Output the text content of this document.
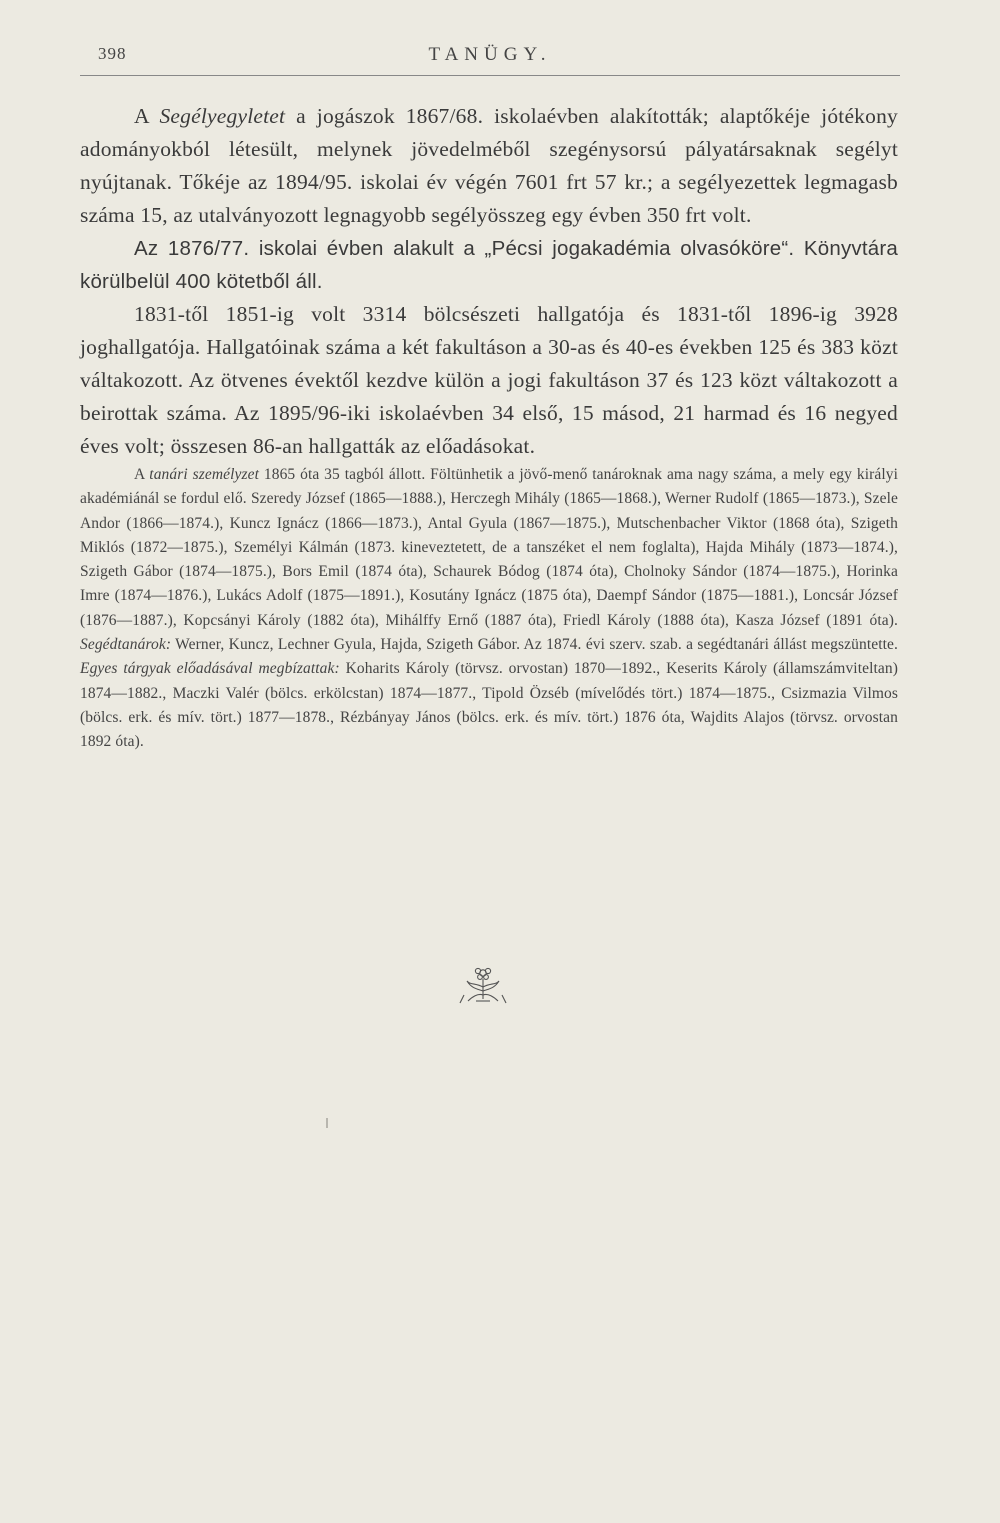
398	TANÜGY.

A Segélyegyletet a jogászok 1867/68. iskolaévben alakították; alaptőkéje jótékony adományokból létesült, melynek jövedelméből szegénysorsú pályatársaknak segélyt nyújtanak. Tőkéje az 1894/95. iskolai év végén 7601 frt 57 kr.; a segélyezettek legmagasb száma 15, az utalványozott legnagyobb segélyösszeg egy évben 350 frt volt.

Az 1876/77. iskolai évben alakult a „Pécsi jogakadémia olvasóköre“. Könyvtára körülbelül 400 kötetből áll.

1831-től 1851-ig volt 3314 bölcsészeti hallgatója és 1831-től 1896-ig 3928 joghallgatója. Hallgatóinak száma a két fakultáson a 30-as és 40-es években 125 és 383 közt váltakozott. Az ötvenes évektől kezdve külön a jogi fakultáson 37 és 123 közt váltakozott a beirottak száma. Az 1895/96-iki iskolaévben 34 első, 15 másod, 21 harmad és 16 negyed éves volt; összesen 86-an hallgatták az előadásokat.

A tanári személyzet 1865 óta 35 tagból állott. Föltünhetik a jövő-menő tanároknak ama nagy száma, a mely egy királyi akadémiánál se fordul elő. Szeredy József (1865—1888.), Herczegh Mihály (1865—1868.), Werner Rudolf (1865—1873.), Szele Andor (1866—1874.), Kuncz Ignácz (1866—1873.), Antal Gyula (1867—1875.), Mutschenbacher Viktor (1868 óta), Szigeth Miklós (1872—1875.), Személyi Kálmán (1873. kineveztetett, de a tanszéket el nem foglalta), Hajda Mihály (1873—1874.), Szigeth Gábor (1874—1875.), Bors Emil (1874 óta), Schaurek Bódog (1874 óta), Cholnoky Sándor (1874—1875.), Horinka Imre (1874—1876.), Lukács Adolf (1875—1891.), Kosutány Ignácz (1875 óta), Daempf Sándor (1875—1881.), Loncsár József (1876—1887.), Kopcsányi Károly (1882 óta), Mihálffy Ernő (1887 óta), Friedl Károly (1888 óta), Kasza József (1891 óta). Segédtanárok: Werner, Kuncz, Lechner Gyula, Hajda, Szigeth Gábor. Az 1874. évi szerv. szab. a segédtanári állást megszüntette. Egyes tárgyak előadásával megbízattak: Koharits Károly (törvsz. orvostan) 1870—1892., Keserits Károly (államszámviteltan) 1874—1882., Maczki Valér (bölcs. erkölcstan) 1874—1877., Tipold Özséb (mívelődés tört.) 1874—1875., Csizmazia Vilmos (bölcs. erk. és mív. tört.) 1877—1878., Rézbányay János (bölcs. erk. és mív. tört.) 1876 óta, Wajdits Alajos (törvsz. orvostan 1892 óta).
